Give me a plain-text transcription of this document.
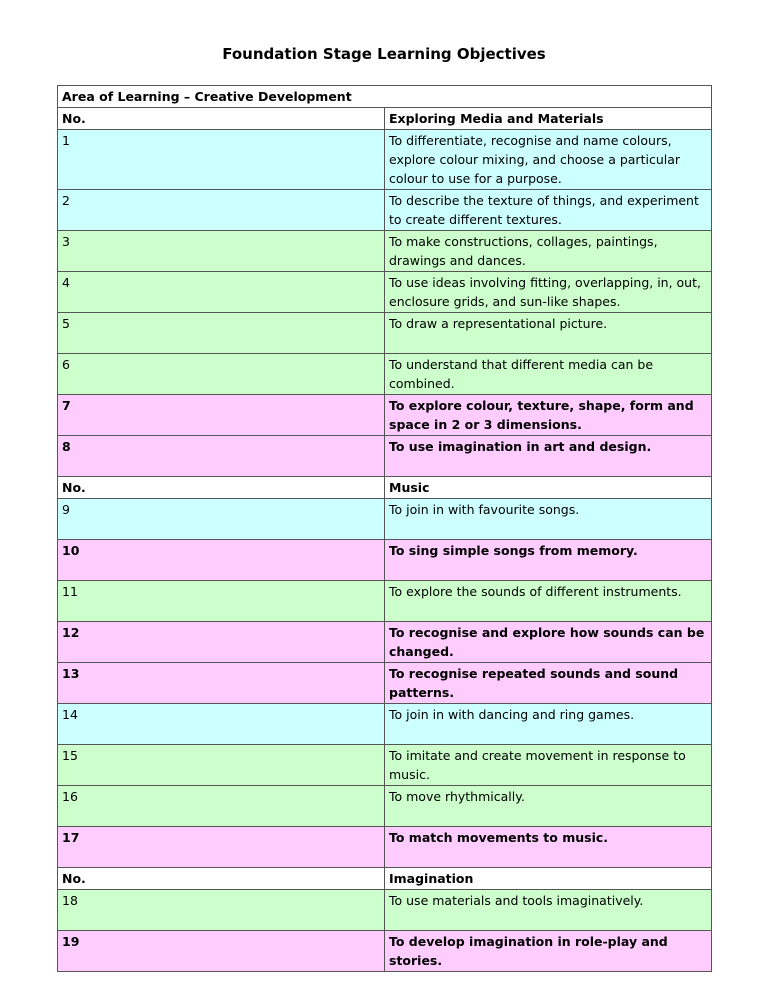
Foundation Stage Learning Objectives
Area of Learning – Creative Development	
No.	Exploring Media and Materials
1	To differentiate, recognise and name colours, explore colour mixing, and choose a particular colour to use for a purpose.
2	To describe the texture of things, and experiment to create different textures.
3	To make constructions, collages, paintings, drawings and dances.
4	To use ideas involving fitting, overlapping, in, out, enclosure grids, and sun-like shapes.
5	To draw a representational picture.
6	To understand that different media can be combined.
7	To explore colour, texture, shape, form and space in 2 or 3 dimensions.
8	To use imagination in art and design.
No.	Music
9	To join in with favourite songs.
10	To sing simple songs from memory.
11	To explore the sounds of different instruments.
12	To recognise and explore how sounds can be changed.
13	To recognise repeated sounds and sound patterns.
14	To join in with dancing and ring games.
15	To imitate and create movement in response to music.
16	To move rhythmically.
17	To match movements to music.
No.	Imagination
18	To use materials and tools imaginatively.
19	To develop imagination in role-play and stories.
